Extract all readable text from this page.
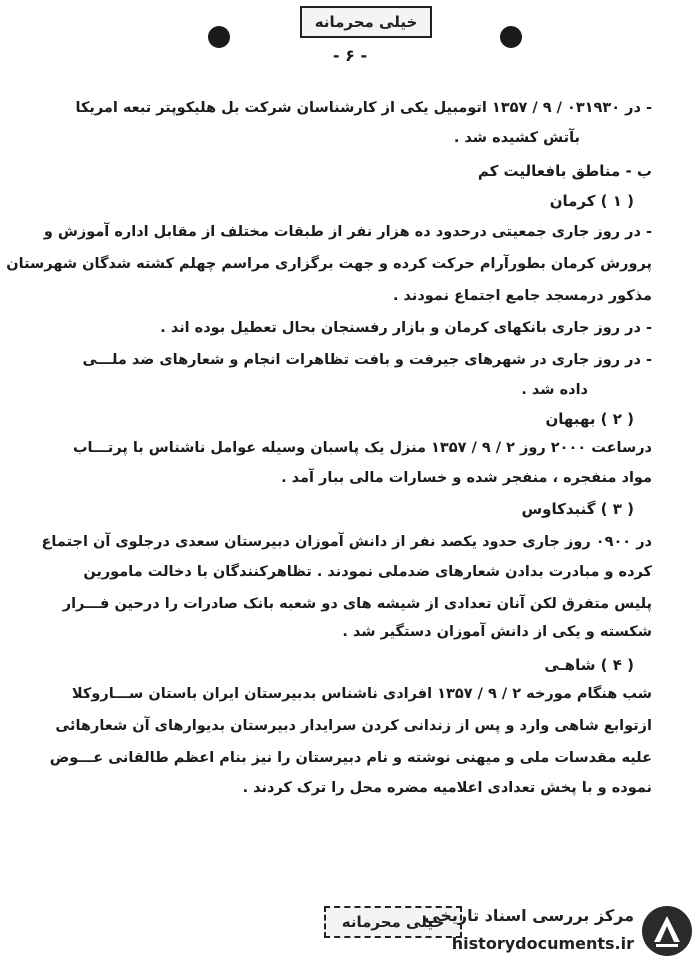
خیلی محرمانه
- ۶ -
- در ۰۳۱۹۳۰ / ۹ / ۱۳۵۷ اتومبیل یکی از کارشناسان شرکت بل هلیکوپتر تبعه امریکا
بآتش کشیده شد .
ب - مناطق بافعالیت کم
( ۱ ) کرمان
- در روز جاری جمعیتی درحدود ده هزار نفر از طبقات مختلف از مقابل اداره آموزش و
پرورش کرمان بطورآرام حرکت کرده و جهت برگزاری مراسم چهلم کشته شدگان شهرستان
مذکور درمسجد جامع اجتماع نمودند .
- در روز جاری بانکهای کرمان و بازار رفسنجان بحال تعطیل بوده اند .
- در روز جاری در شهرهای جیرفت و بافت تظاهرات انجام و شعارهای ضد ملـــی
داده شد .
( ۲ ) بهبهان
درساعت ۲۰۰۰ روز ۲ / ۹ / ۱۳۵۷ منزل یک پاسبان وسیله عوامل ناشناس با پرتـــاب
مواد منفجره ، منفجر شده و خسارات مالی ببار آمد .
( ۳ ) گنبدکاوس
در ۰۹۰۰ روز جاری حدود یکصد نفر از دانش آموزان دبیرستان سعدی درجلوی آن اجتماع
کرده و مبادرت بدادن شعارهای ضدملی نمودند . تظاهرکنندگان با دخالت مامورین
پلیس متفرق لکن آنان تعدادی از شیشه های دو شعبه بانک صادرات را درحین فـــرار
شکسته و یکی از دانش آموزان دستگیر شد .
( ۴ ) شاهـی
شب هنگام مورخه ۲ / ۹ / ۱۳۵۷ افرادی ناشناس بدبیرستان ایران باستان ســـاروکلا
ازتوابع شاهی وارد و پس از زندانی کردن سرایدار دبیرستان بدیوارهای آن شعارهائی
علیه مقدسات ملی و میهنی نوشته و نام دبیرستان را نیز بنام اعظم طالقانی عـــوض
نموده و با پخش تعدادی اعلامیه مضره محل را ترک کردند .
خیلی محرمانه
مرکز بررسی اسناد تاریخی
historydocuments.ir
